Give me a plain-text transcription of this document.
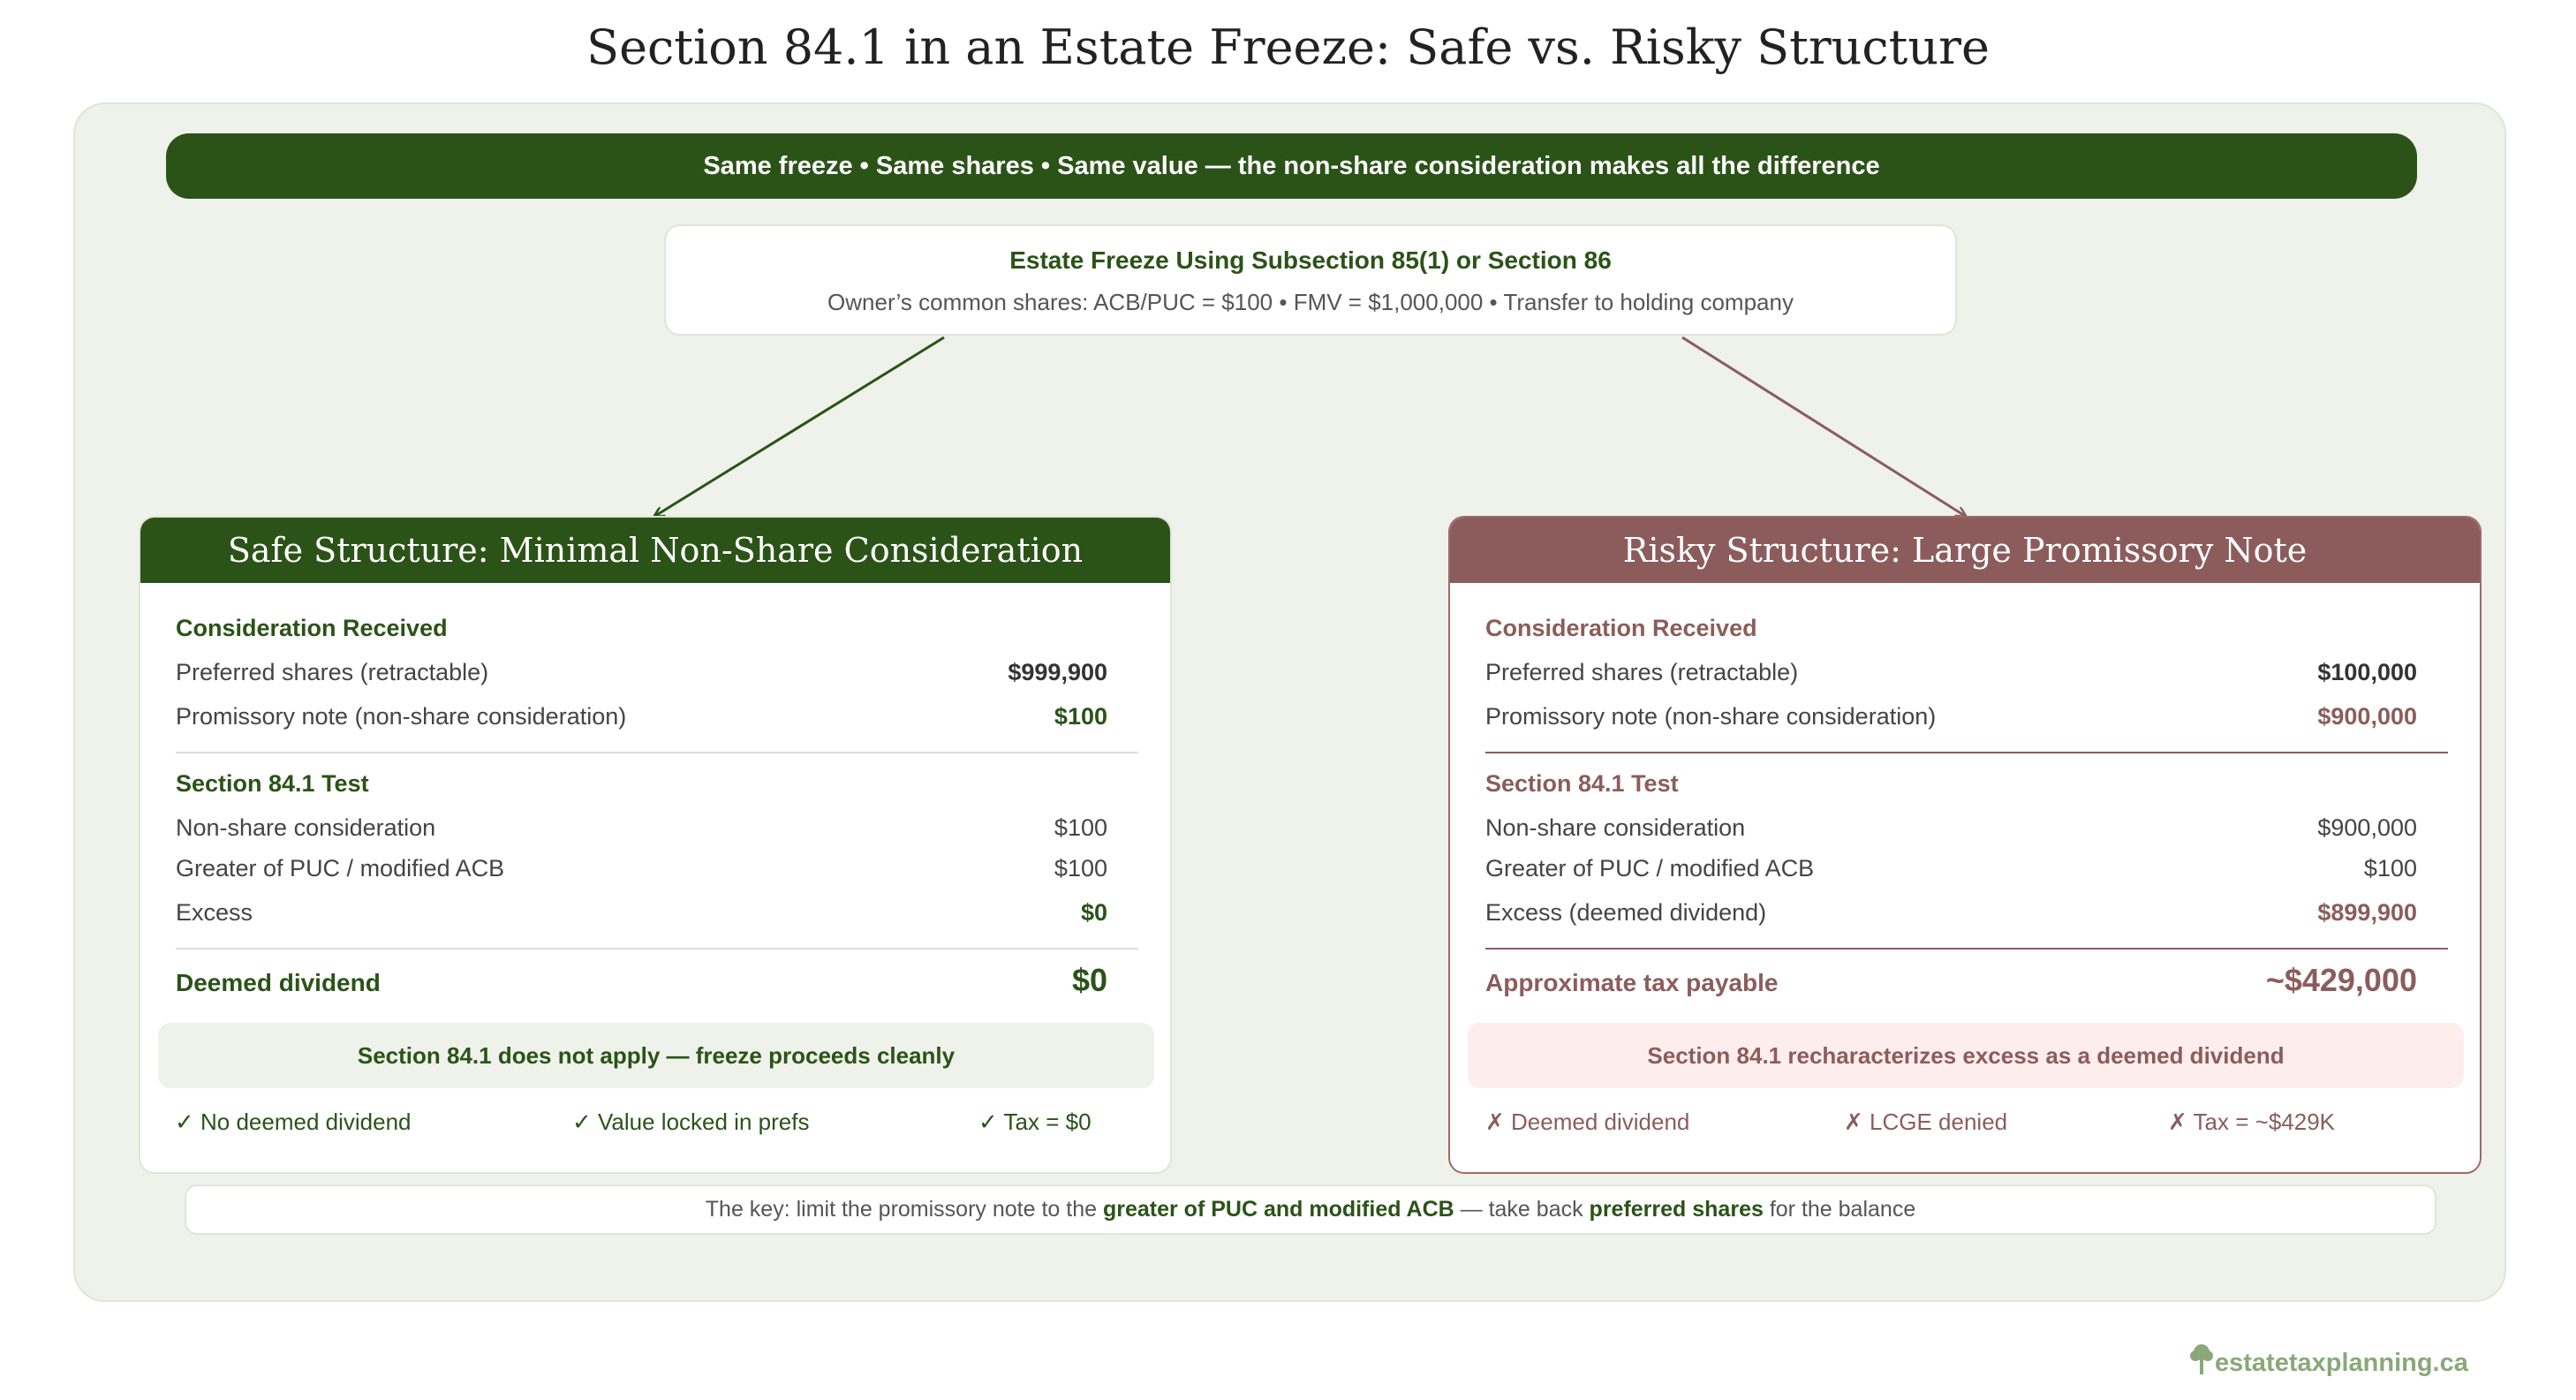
Section 84.1 in an Estate Freeze: Safe vs. Risky Structure
Same freeze • Same shares • Same value — the non-share consideration makes all the difference
Estate Freeze Using Subsection 85(1) or Section 86
Owner’s common shares: ACB/PUC = $100 • FMV = $1,000,000 • Transfer to holding company
Safe Structure: Minimal Non-Share Consideration
Consideration Received
Preferred shares (retractable)	$999,900
Promissory note (non-share consideration)	$100
Section 84.1 Test
Non-share consideration	$100
Greater of PUC / modified ACB	$100
Excess	$0
Deemed dividend	$0
Section 84.1 does not apply — freeze proceeds cleanly
✓ No deemed dividend	✓ Value locked in prefs	✓ Tax = $0
Risky Structure: Large Promissory Note
Consideration Received
Preferred shares (retractable)	$100,000
Promissory note (non-share consideration)	$900,000
Section 84.1 Test
Non-share consideration	$900,000
Greater of PUC / modified ACB	$100
Excess (deemed dividend)	$899,900
Approximate tax payable	~$429,000
Section 84.1 recharacterizes excess as a deemed dividend
✗ Deemed dividend	✗ LCGE denied	✗ Tax = ~$429K
The key: limit the promissory note to the greater of PUC and modified ACB — take back preferred shares for the balance
estatetaxplanning.ca
